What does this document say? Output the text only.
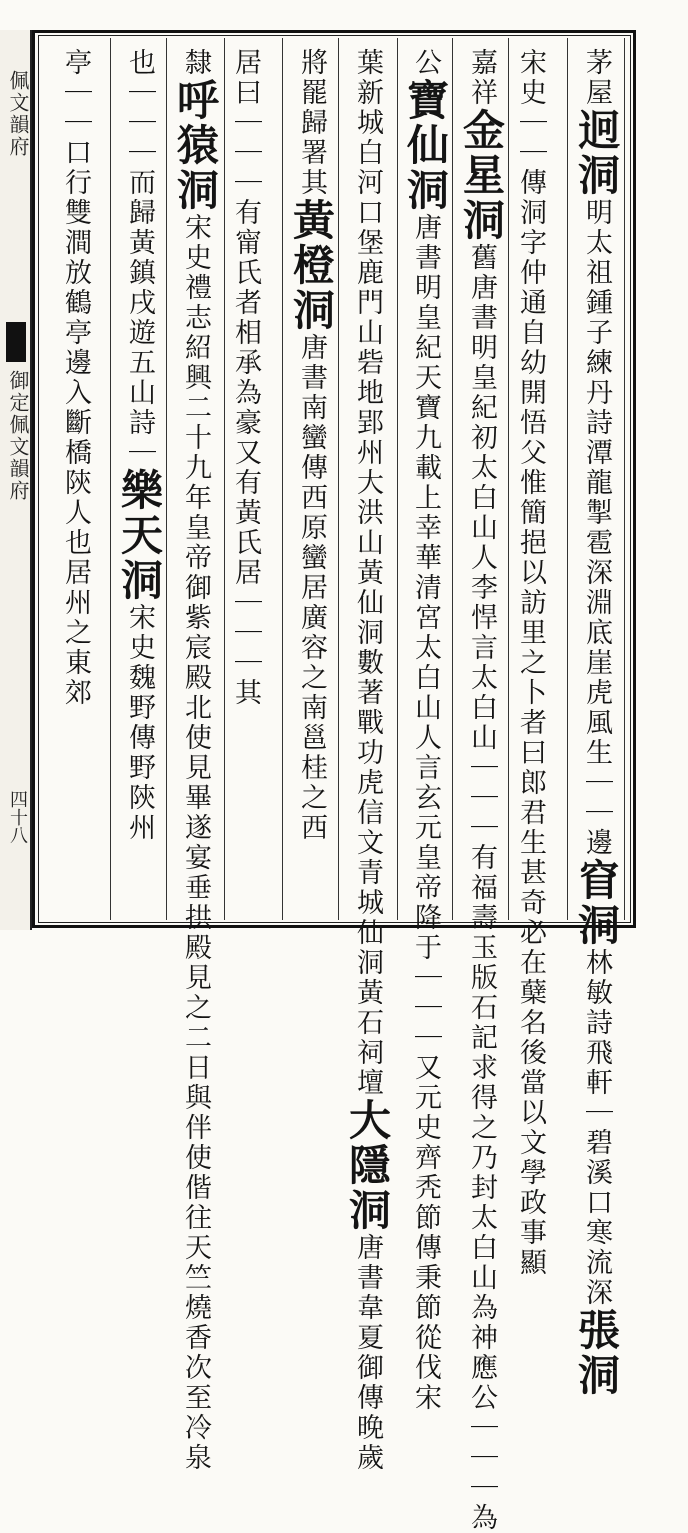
佩文韻府
御定佩文韻府
四十八
茅屋迥洞明太祖鍾子練丹詩潭龍掣雹深淵底崖虎風生｜｜邊窅洞林敏詩飛軒｜碧溪口寒流深張洞
宋史｜｜傳洞字仲通自幼開悟父惟簡挹以訪里之卜者曰郎君生甚奇必在蘖名後當以文學政事顯
嘉祥金星洞舊唐書明皇紀初太白山人李悍言太白山｜｜｜有福壽玉版石記求得之乃封太白山為神應公｜｜｜為
公寶仙洞唐書明皇紀天寶九載上幸華清宮太白山人言玄元皇帝降于｜｜｜又元史齊秃節傳秉節從伐宋
葉新城白河口堡鹿門山砦地郢州大洪山黃仙洞數著戰功虎信文青城仙洞黃石祠壇大隱洞唐書韋夏御傳晚歲
將罷歸署其黃橙洞唐書南蠻傳西原蠻居廣容之南邕桂之西
居曰｜｜｜有甯氏者相承為豪又有黃氏居｜｜｜其
隸呼猿洞宋史禮志紹興二十九年皇帝御紫宸殿北使見畢遂宴垂拱殿見之二日與伴使偕往天竺燒香次至冷泉
也｜｜｜而歸黃鎮戌遊五山詩｜樂天洞宋史魏野傳野陝州
亭｜｜口行雙澗放鶴亭邊入斷橋陝人也居州之東郊
